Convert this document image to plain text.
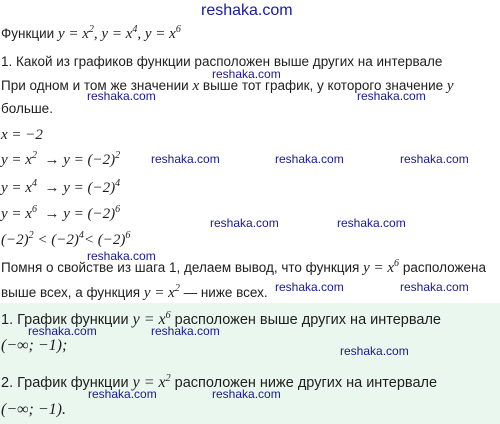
reshaka.com
reshaka.com
reshaka.com	reshaka.com
reshaka.com	reshaka.com	reshaka.com
reshaka.com	reshaka.com
reshaka.com
reshaka.com	reshaka.com
reshaka.com	reshaka.com
reshaka.com
reshaka.com	reshaka.com
Функции $y = x^2$, $y = x^4$, $y = x^6$
1. Какой из графиков функции расположен выше других на интервале
При одном и том же значении x выше тот график, у которого значение y
больше.
x = −2
$y = x^2 \to y = (-2)^2$
$y = x^4 \to y = (-2)^4$
$y = x^6 \to y = (-2)^6$
$(-2)^2 < (-2)^4< (-2)^6$
Помня о свойстве из шага 1, делаем вывод, что функция $y = x^6$ расположена
выше всех, а функция $y = x^2$ — ниже всех.
1. График функции $y = x^6$ расположен выше других на интервале
(−∞; −1);
2. График функции $y = x^2$ расположен ниже других на интервале
(−∞; −1).
